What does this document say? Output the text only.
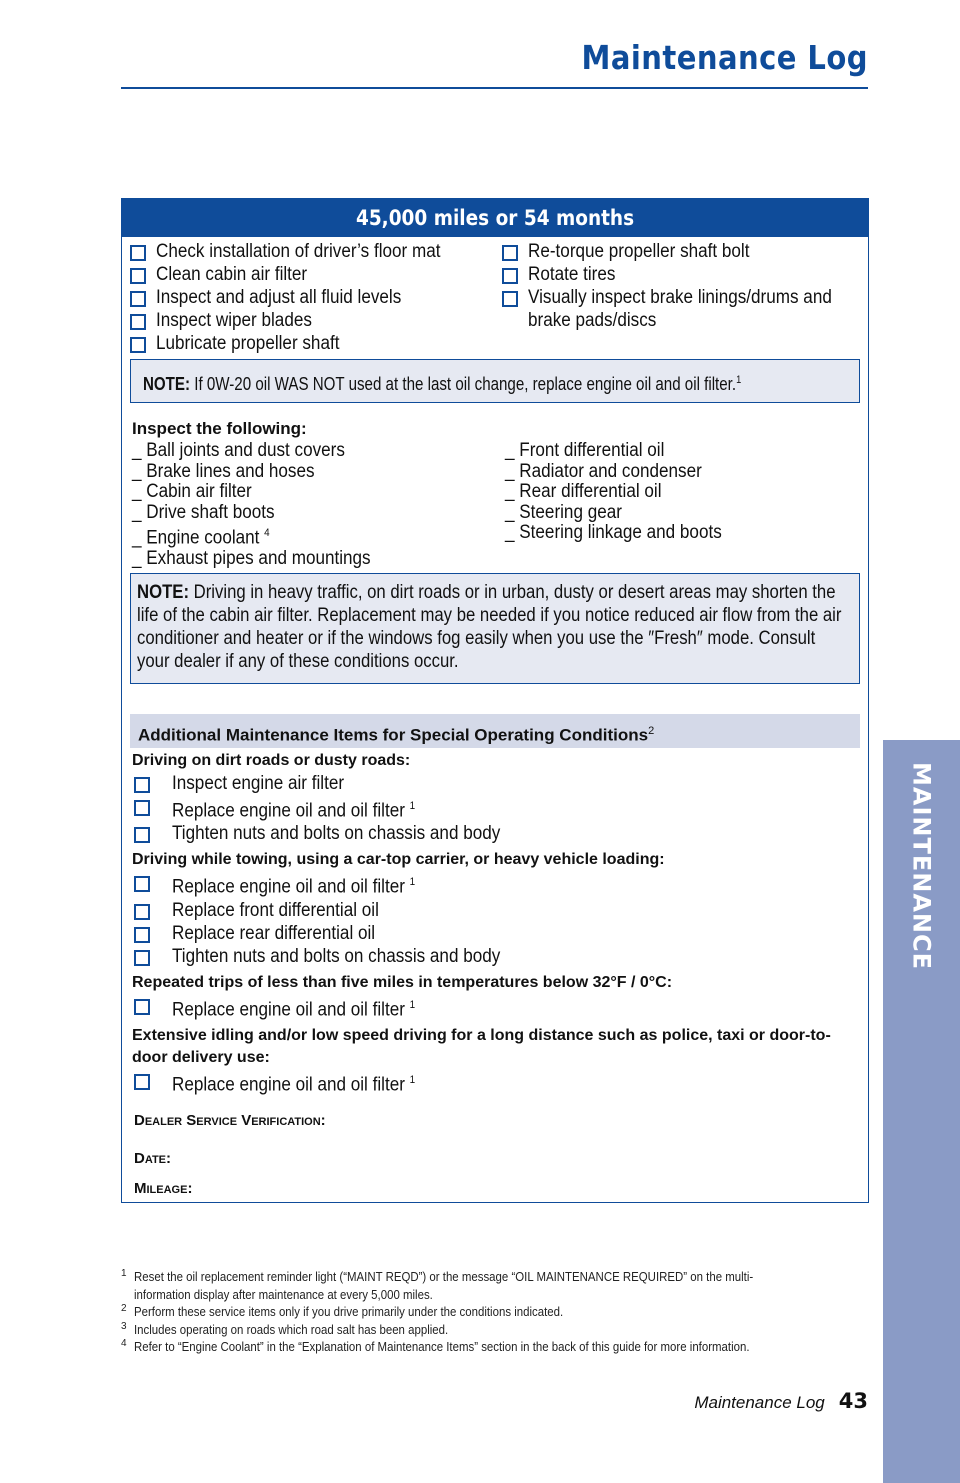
Maintenance Log
MAINTENANCE
45,000 miles or 54 months
Check installation of driver’s floor mat
Clean cabin air filter
Inspect and adjust all fluid levels
Inspect wiper blades
Lubricate propeller shaft
Re-torque propeller shaft bolt
Rotate tires
Visually inspect brake linings/drums and
brake pads/discs
NOTE: If 0W-20 oil WAS NOT used at the last oil change, replace engine oil and oil filter.$^1$
Inspect the following:
_ Ball joints and dust covers
_ Brake lines and hoses
_ Cabin air filter
_ Drive shaft boots
_ Engine coolant $^4$
_ Exhaust pipes and mountings
_ Front differential oil
_ Radiator and condenser
_ Rear differential oil
_ Steering gear
_ Steering linkage and boots
NOTE: Driving in heavy traffic, on dirt roads or in urban, dusty or desert areas may shorten the life of the cabin air filter. Replacement may be needed if you notice reduced air flow from the air conditioner and heater or if the windows fog easily when you use the ″Fresh″ mode. Consult your dealer if any of these conditions occur.
Additional Maintenance Items for Special Operating Conditions$^2$
Driving on dirt roads or dusty roads:
Inspect engine air filter
Replace engine oil and oil filter $^1$
Tighten nuts and bolts on chassis and body
Driving while towing, using a car-top carrier, or heavy vehicle loading:
Replace engine oil and oil filter $^1$
Replace front differential oil
Replace rear differential oil
Tighten nuts and bolts on chassis and body
Repeated trips of less than five miles in temperatures below 32°F / 0°C:
Replace engine oil and oil filter $^1$
Extensive idling and/or low speed driving for a long distance such as police, taxi or door-to-door delivery use:
Replace engine oil and oil filter $^1$
Dealer Service Verification:
Date:
Mileage:
1 Reset the oil replacement reminder light (“MAINT REQD”) or the message “OIL MAINTENANCE REQUIRED” on the multi-information display after maintenance at every 5,000 miles.
2 Perform these service items only if you drive primarily under the conditions indicated.
3 Includes operating on roads which road salt has been applied.
4 Refer to “Engine Coolant” in the “Explanation of Maintenance Items” section in the back of this guide for more information.
Maintenance Log 43
